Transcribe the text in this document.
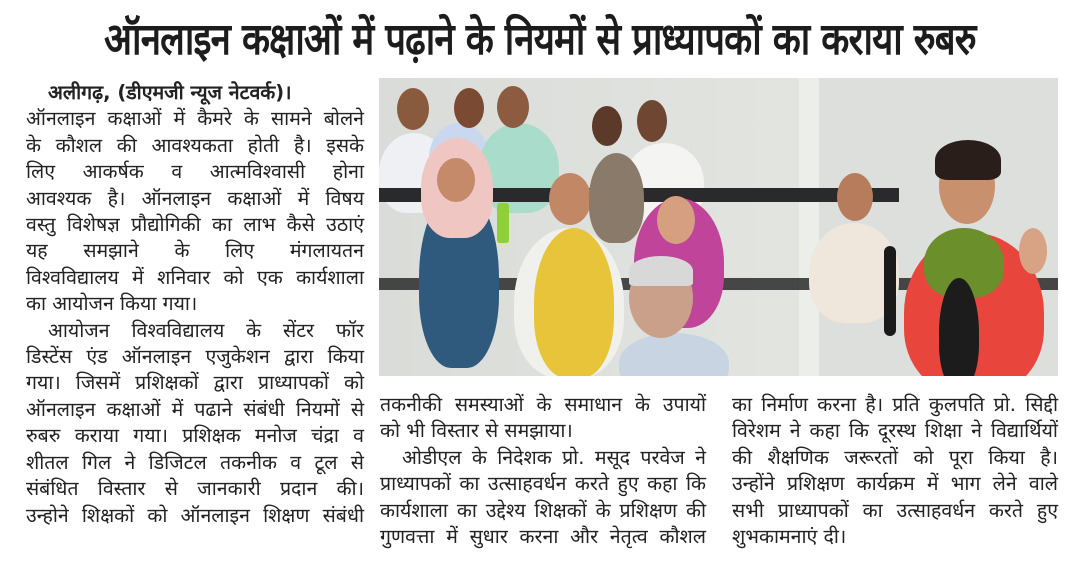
ऑनलाइन कक्षाओं में पढ़ाने के नियमों से प्राध्यापकों का कराया रुबरु

अलीगढ़, (डीएमजी न्यूज नेटवर्क)।

ऑनलाइन कक्षाओं में कैमरे के सामने बोलने

के कौशल की आवश्यकता होती है। इसके

लिए आकर्षक व आत्मविश्वासी होना

आवश्यक है। ऑनलाइन कक्षाओं में विषय

वस्तु विशेषज्ञ प्रौद्योगिकी का लाभ कैसे उठाएं

यह समझाने के लिए मंगलायतन

विश्वविद्यालय में शनिवार को एक कार्यशाला

का आयोजन किया गया।

आयोजन विश्वविद्यालय के सेंटर फॉर

डिस्टेंस एंड ऑनलाइन एजुकेशन द्वारा किया

गया। जिसमें प्रशिक्षकों द्वारा प्राध्यापकों को

ऑनलाइन कक्षाओं में पढाने संबंधी नियमों से

रुबरु कराया गया। प्रशिक्षक मनोज चंद्रा व

शीतल गिल ने डिजिटल तकनीक व टूल से

संबंधित विस्तार से जानकारी प्रदान की।

उन्होने शिक्षकों को ऑनलाइन शिक्षण संबंधी

तकनीकी समस्याओं के समाधान के उपायों

को भी विस्तार से समझाया।

ओडीएल के निदेशक प्रो. मसूद परवेज ने

प्राध्यापकों का उत्साहवर्धन करते हुए कहा कि

कार्यशाला का उद्देश्य शिक्षकों के प्रशिक्षण की

गुणवत्ता में सुधार करना और नेतृत्व कौशल

का निर्माण करना है। प्रति कुलपति प्रो. सिद्दी

विरेशम ने कहा कि दूरस्थ शिक्षा ने विद्यार्थियों

की शैक्षणिक जरूरतों को पूरा किया है।

उन्होंने प्रशिक्षण कार्यक्रम में भाग लेने वाले

सभी प्राध्यापकों का उत्साहवर्धन करते हुए

शुभकामनाएं दी।
